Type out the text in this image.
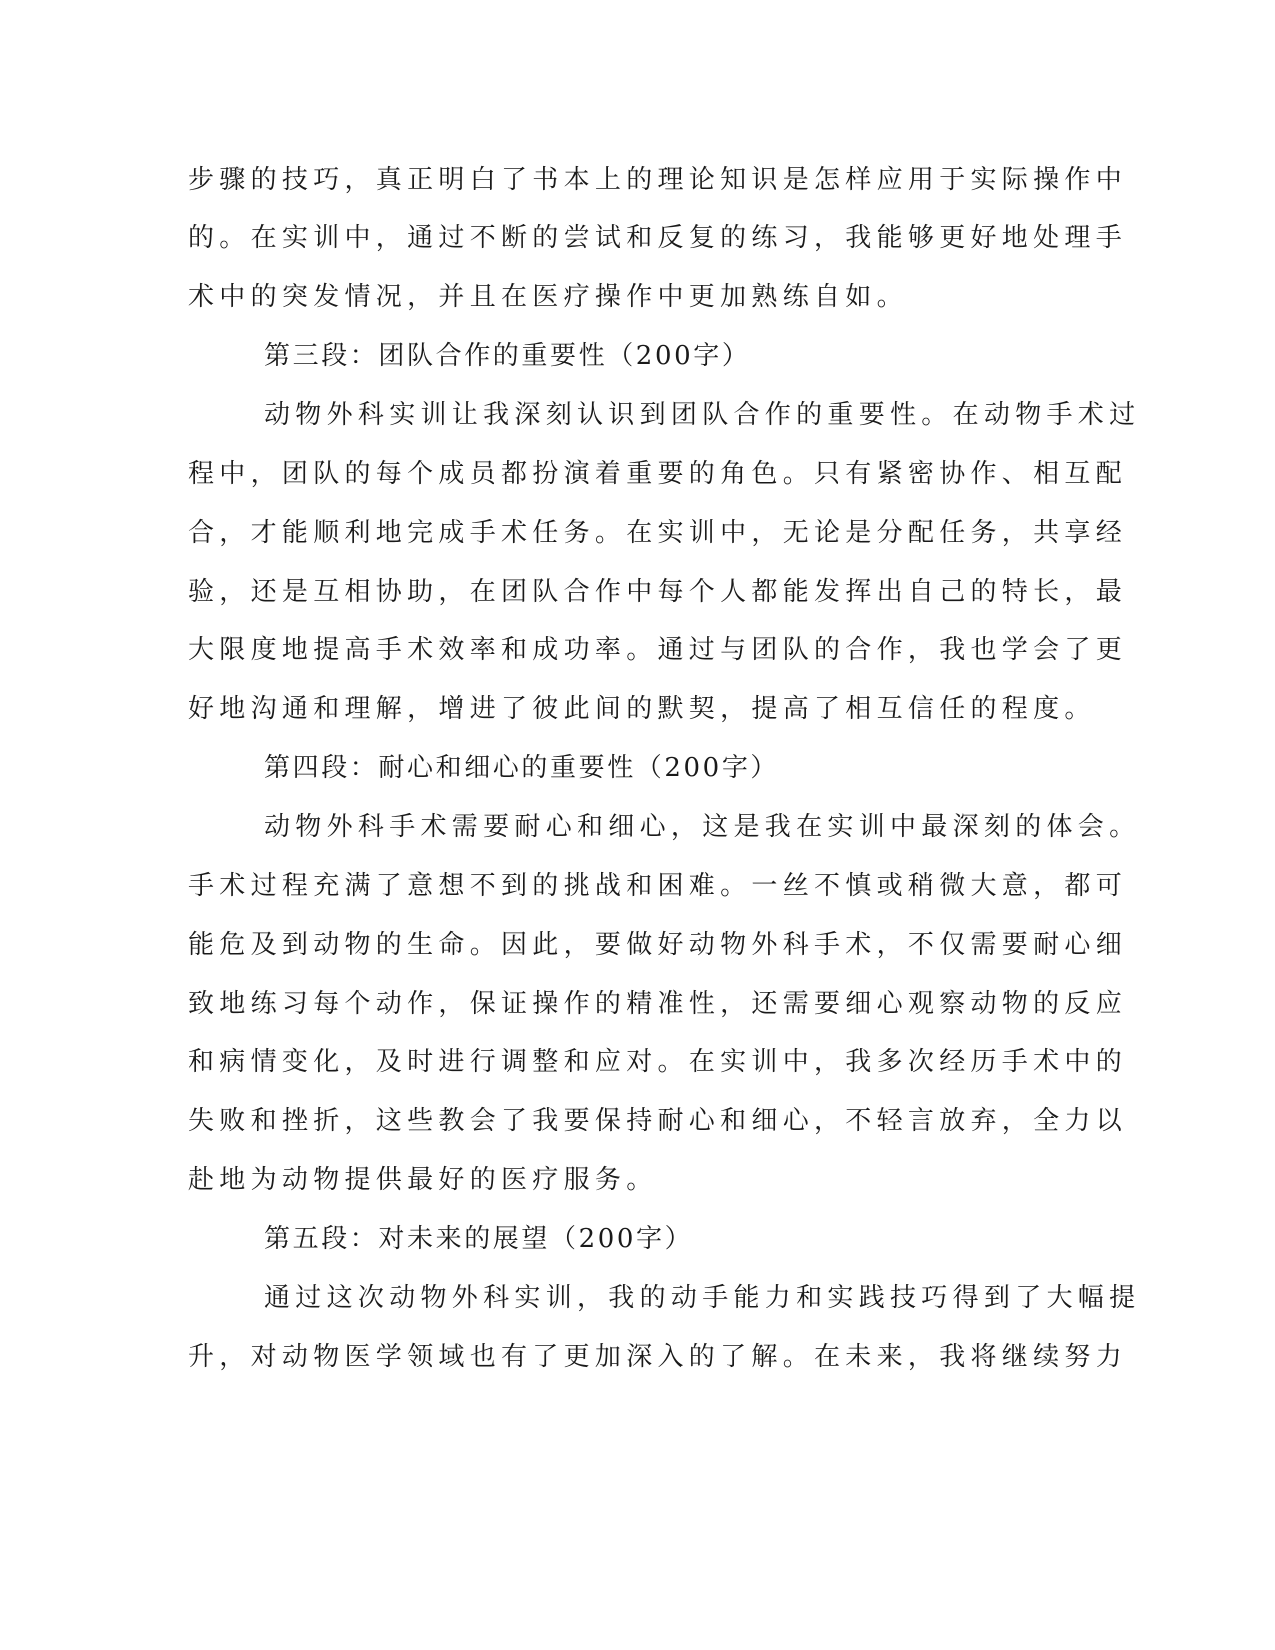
步骤的技巧，真正明白了书本上的理论知识是怎样应用于实际操作中
的。在实训中，通过不断的尝试和反复的练习，我能够更好地处理手
术中的突发情况，并且在医疗操作中更加熟练自如。
第三段：团队合作的重要性（200字）
动物外科实训让我深刻认识到团队合作的重要性。在动物手术过
程中，团队的每个成员都扮演着重要的角色。只有紧密协作、相互配
合，才能顺利地完成手术任务。在实训中，无论是分配任务，共享经
验，还是互相协助，在团队合作中每个人都能发挥出自己的特长，最
大限度地提高手术效率和成功率。通过与团队的合作，我也学会了更
好地沟通和理解，增进了彼此间的默契，提高了相互信任的程度。
第四段：耐心和细心的重要性（200字）
动物外科手术需要耐心和细心，这是我在实训中最深刻的体会。
手术过程充满了意想不到的挑战和困难。一丝不慎或稍微大意，都可
能危及到动物的生命。因此，要做好动物外科手术，不仅需要耐心细
致地练习每个动作，保证操作的精准性，还需要细心观察动物的反应
和病情变化，及时进行调整和应对。在实训中，我多次经历手术中的
失败和挫折，这些教会了我要保持耐心和细心，不轻言放弃，全力以
赴地为动物提供最好的医疗服务。
第五段：对未来的展望（200字）
通过这次动物外科实训，我的动手能力和实践技巧得到了大幅提
升，对动物医学领域也有了更加深入的了解。在未来，我将继续努力
